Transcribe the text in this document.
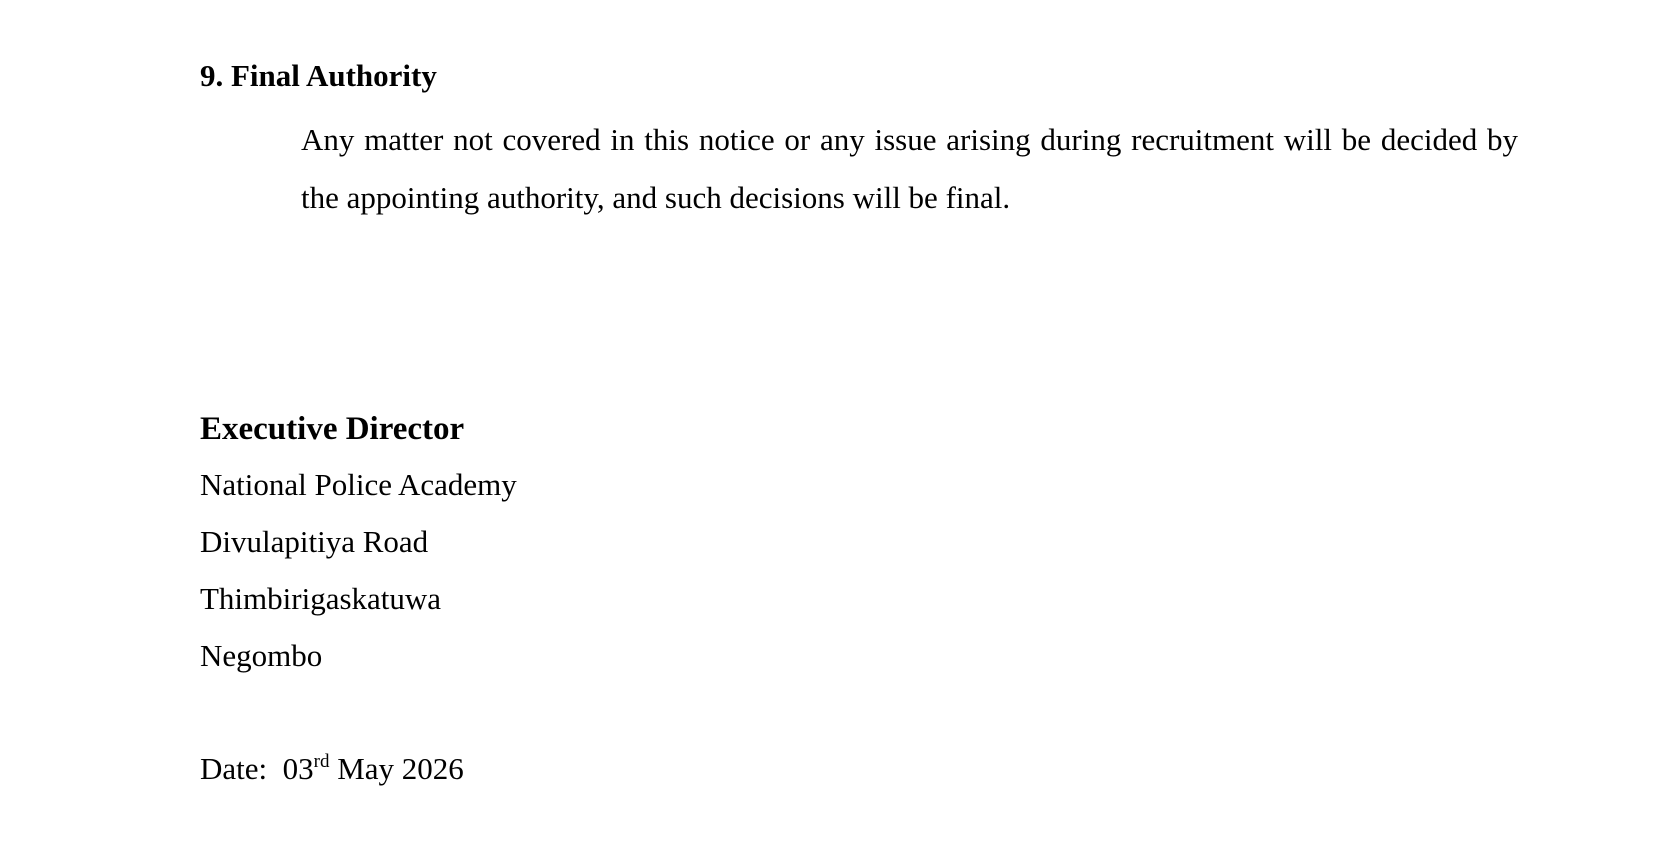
9. Final Authority
Any matter not covered in this notice or any issue arising during recruitment will be decided by the appointing authority, and such decisions will be final.
Executive Director
National Police Academy
Divulapitiya Road
Thimbirigaskatuwa
Negombo
Date: 03rd May 2026
